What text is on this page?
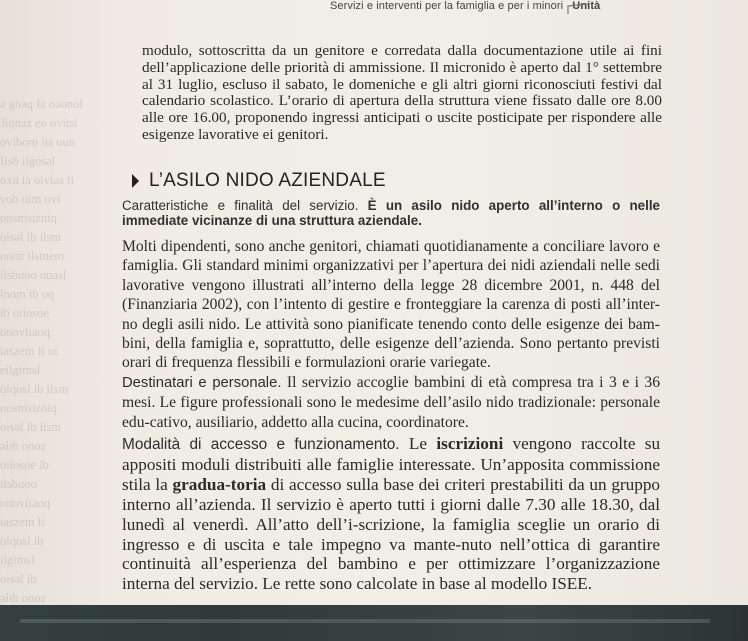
ə gnaq Ia oəonol
Jiqnaz eo ovitsi
ovibom iis oun
Ilsb ilgosəl
oxn ia oiviəs li
vob oim ovi
onsmsizniq
oisəl ib ilsm
onoz ilstnem
ilsbuoo ouasl
lnom ib oq
ib oiiosoe
onoviiaoq
iaszem li oi
eilgimsl
oiqosl ib ilsm
onsmsizniq
oisəl ib ilsm
əlɪb onoz
oiiosoe ib
ilsbuoo
onoviiaoq
iaszem li
oiqosl ib
ilgimsl
oisəl ib
əlɪb onoz
Servizi e interventi per la famiglia e per i minori Unità

modulo, sottoscritta da un genitore e corredata dalla documentazione utile ai fini dell’applicazione delle priorità di ammissione. Il micronido è aperto dal 1° settembre al 31 luglio, escluso il sabato, le domeniche e gli altri giorni riconosciuti festivi dal calendario scolastico. L’orario di apertura della struttura viene fissato dalle ore 8.00 alle ore 16.00, proponendo ingressi anticipati o uscite posticipate per rispondere alle esigenze lavorative ei genitori.

L’ASILO NIDO AZIENDALE

Caratteristiche e finalità del servizio. È un asilo nido aperto all’interno o nelle immediate vicinanze di una struttura aziendale.

Molti dipendenti, sono anche genitori, chiamati quotidianamente a conciliare lavoro e famiglia. Gli standard minimi organizzativi per l’apertura dei nidi aziendali nelle sedi lavorative vengono illustrati all’interno della legge 28 dicembre 2001, n. 448 del (Finanziaria 2002), con l’intento di gestire e fronteggiare la carenza di posti all’inter-no degli asili nido. Le attività sono pianificate tenendo conto delle esigenze dei bam-bini, della famiglia e, soprattutto, delle esigenze dell’azienda. Sono pertanto previsti orari di frequenza flessibili e formulazioni orarie variegate.

Destinatari e personale. Il servizio accoglie bambini di età compresa tra i 3 e i 36 mesi. Le figure professionali sono le medesime dell’asilo nido tradizionale: personale edu-cativo, ausiliario, addetto alla cucina, coordinatore.

Modalità di accesso e funzionamento. Le iscrizioni vengono raccolte su appositi moduli distribuiti alle famiglie interessate. Un’apposita commissione stila la gradua-toria di accesso sulla base dei criteri prestabiliti da un gruppo interno all’azienda. Il servizio è aperto tutti i giorni dalle 7.30 alle 18.30, dal lunedì al venerdì. All’atto dell’i-scrizione, la famiglia sceglie un orario di ingresso e di uscita e tale impegno va mante-nuto nell’ottica di garantire continuità all’esperienza del bambino e per ottimizzare l’organizzazione interna del servizio. Le rette sono calcolate in base al modello ISEE.
